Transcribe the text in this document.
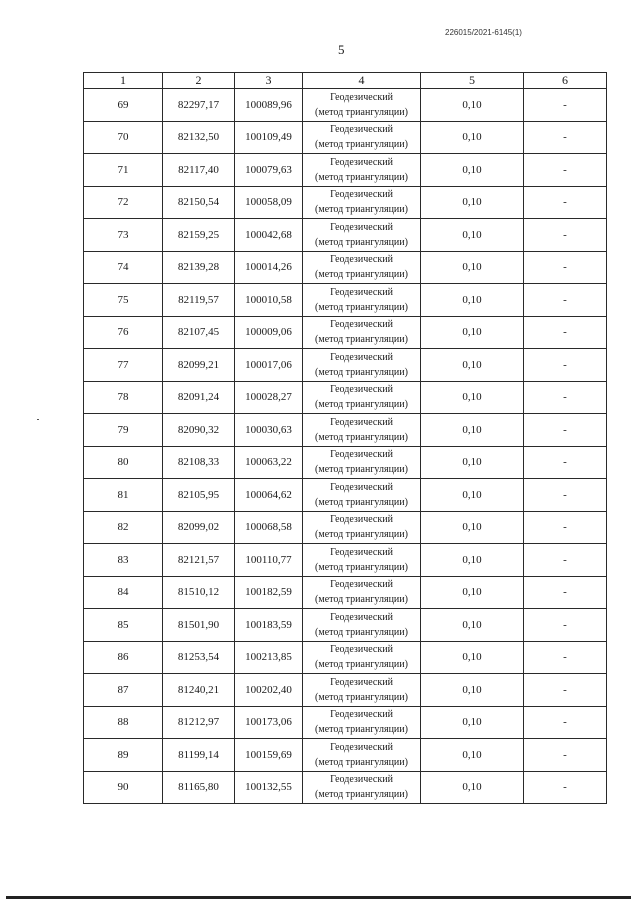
226015/2021-6145(1)
5
1	2	3	4	5	6
69	82297,17	100089,96	Геодезический
(метод триангуляции)	0,10	-
70	82132,50	100109,49	Геодезический
(метод триангуляции)	0,10	-
71	82117,40	100079,63	Геодезический
(метод триангуляции)	0,10	-
72	82150,54	100058,09	Геодезический
(метод триангуляции)	0,10	-
73	82159,25	100042,68	Геодезический
(метод триангуляции)	0,10	-
74	82139,28	100014,26	Геодезический
(метод триангуляции)	0,10	-
75	82119,57	100010,58	Геодезический
(метод триангуляции)	0,10	-
76	82107,45	100009,06	Геодезический
(метод триангуляции)	0,10	-
77	82099,21	100017,06	Геодезический
(метод триангуляции)	0,10	-
78	82091,24	100028,27	Геодезический
(метод триангуляции)	0,10	-
79	82090,32	100030,63	Геодезический
(метод триангуляции)	0,10	-
80	82108,33	100063,22	Геодезический
(метод триангуляции)	0,10	-
81	82105,95	100064,62	Геодезический
(метод триангуляции)	0,10	-
82	82099,02	100068,58	Геодезический
(метод триангуляции)	0,10	-
83	82121,57	100110,77	Геодезический
(метод триангуляции)	0,10	-
84	81510,12	100182,59	Геодезический
(метод триангуляции)	0,10	-
85	81501,90	100183,59	Геодезический
(метод триангуляции)	0,10	-
86	81253,54	100213,85	Геодезический
(метод триангуляции)	0,10	-
87	81240,21	100202,40	Геодезический
(метод триангуляции)	0,10	-
88	81212,97	100173,06	Геодезический
(метод триангуляции)	0,10	-
89	81199,14	100159,69	Геодезический
(метод триангуляции)	0,10	-
90	81165,80	100132,55	Геодезический
(метод триангуляции)	0,10	-
